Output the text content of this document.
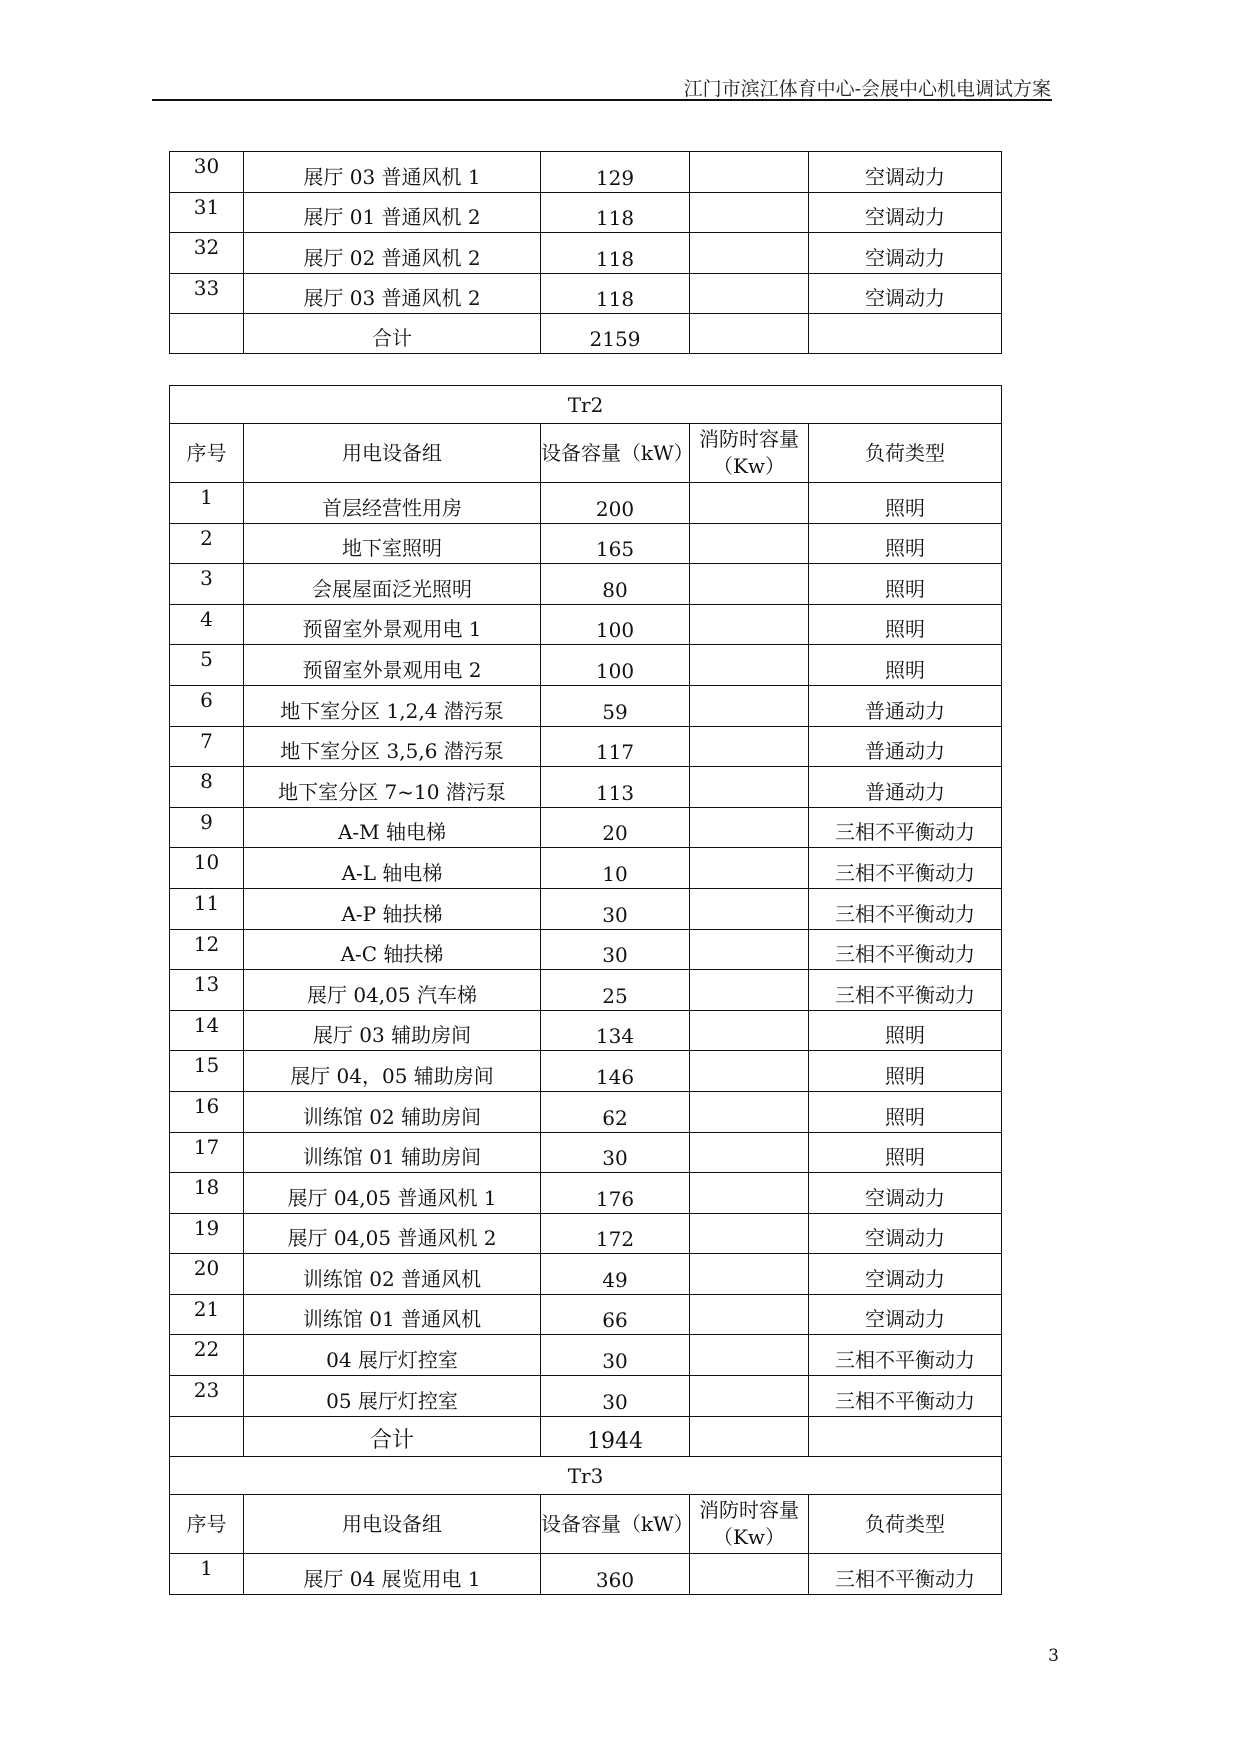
江门市滨江体育中心-会展中心机电调试方案
30	展厅 03 普通风机 1	129		空调动力
31	展厅 01 普通风机 2	118		空调动力
32	展厅 02 普通风机 2	118		空调动力
33	展厅 03 普通风机 2	118		空调动力
	合计	2159		
Tr2				
序号	用电设备组	设备容量（kW）	消防时容量（Kw）	负荷类型
1	首层经营性用房	200		照明
2	地下室照明	165		照明
3	会展屋面泛光照明	80		照明
4	预留室外景观用电 1	100		照明
5	预留室外景观用电 2	100		照明
6	地下室分区 1,2,4 潜污泵	59		普通动力
7	地下室分区 3,5,6 潜污泵	117		普通动力
8	地下室分区 7~10 潜污泵	113		普通动力
9	A-M 轴电梯	20		三相不平衡动力
10	A-L 轴电梯	10		三相不平衡动力
11	A-P 轴扶梯	30		三相不平衡动力
12	A-C 轴扶梯	30		三相不平衡动力
13	展厅 04,05 汽车梯	25		三相不平衡动力
14	展厅 03 辅助房间	134		照明
15	展厅 04，05 辅助房间	146		照明
16	训练馆 02 辅助房间	62		照明
17	训练馆 01 辅助房间	30		照明
18	展厅 04,05 普通风机 1	176		空调动力
19	展厅 04,05 普通风机 2	172		空调动力
20	训练馆 02 普通风机	49		空调动力
21	训练馆 01 普通风机	66		空调动力
22	04 展厅灯控室	30		三相不平衡动力
23	05 展厅灯控室	30		三相不平衡动力
	合计	1944		
Tr3				
序号	用电设备组	设备容量（kW）	消防时容量（Kw）	负荷类型
1	展厅 04 展览用电 1	360		三相不平衡动力
3
